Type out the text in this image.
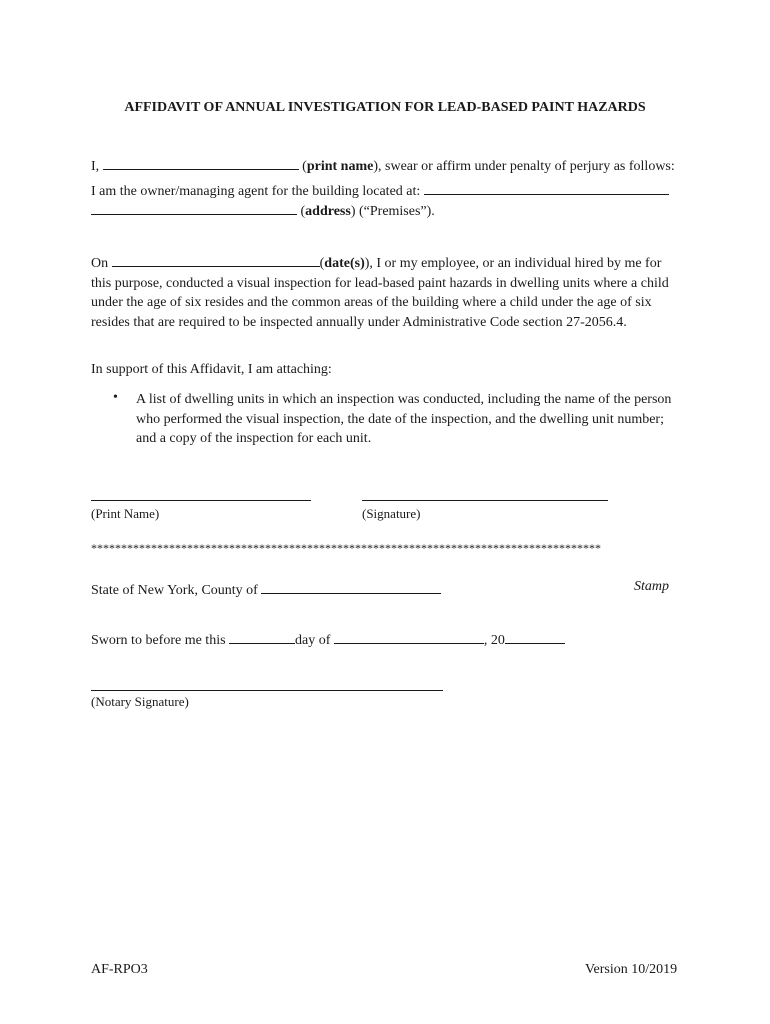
AFFIDAVIT OF ANNUAL INVESTIGATION FOR LEAD-BASED PAINT HAZARDS
I,	(print name), swear or affirm under penalty of perjury as follows:
I am the owner/managing agent for the building located at:
(address) (“Premises”).
On	(date(s)), I or my employee, or an individual hired by me for this purpose, conducted a visual inspection for lead-based paint hazards in dwelling units where a child under the age of six resides and the common areas of the building where a child under the age of six resides that are required to be inspected annually under Administrative Code section 27-2056.4.
In support of this Affidavit, I am attaching:
• A list of dwelling units in which an inspection was conducted, including the name of the person who performed the visual inspection, the date of the inspection, and the dwelling unit number; and a copy of the inspection for each unit.
(Print Name)	(Signature)
*************************************************************************************
State of New York, County of	Stamp
Sworn to before me this	day of	, 20
(Notary Signature)
AF-RPO3	Version 10/2019
